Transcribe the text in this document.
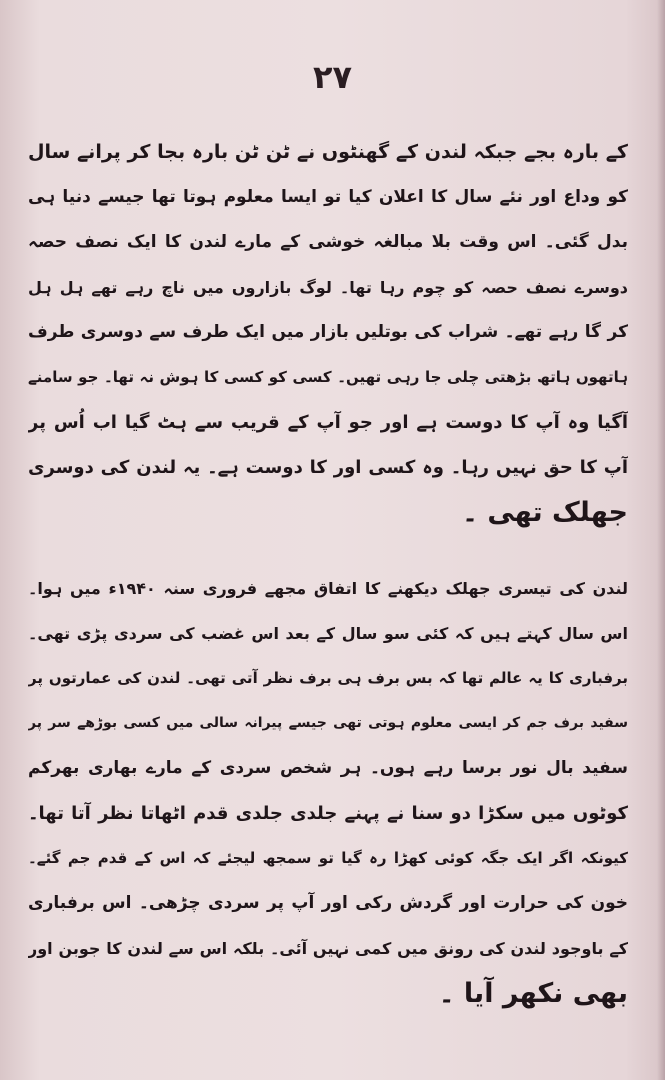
۲۷
کے بارہ بجے جبکہ لندن کے گھنٹوں نے ٹن ٹن بارہ بجا کر پرانے سال
کو وداع اور نئے سال کا اعلان کیا تو ایسا معلوم ہوتا تھا جیسے دنیا ہی
بدل گئی۔ اس وقت بلا مبالغہ خوشی کے مارے لندن کا ایک نصف حصہ
دوسرے نصف حصہ کو چوم رہا تھا۔ لوگ بازاروں میں ناچ رہے تھے ہل ہل
کر گا رہے تھے۔ شراب کی بوتلیں بازار میں ایک طرف سے دوسری طرف
ہاتھوں ہاتھ بڑھتی چلی جا رہی تھیں۔ کسی کو کسی کا ہوش نہ تھا۔ جو سامنے
آگیا وہ آپ کا دوست ہے اور جو آپ کے قریب سے ہٹ گیا اب اُس پر
آپ کا حق نہیں رہا۔ وہ کسی اور کا دوست ہے۔ یہ لندن کی دوسری
جھلک تھی ۔
لندن کی تیسری جھلک دیکھنے کا اتفاق مجھے فروری سنہ ۱۹۴۰ء میں ہوا۔
اس سال کہتے ہیں کہ کئی سو سال کے بعد اس غضب کی سردی پڑی تھی۔
برفباری کا یہ عالم تھا کہ بس برف ہی برف نظر آتی تھی۔ لندن کی عمارتوں پر
سفید برف جم کر ایسی معلوم ہوتی تھی جیسے پیرانہ سالی میں کسی بوڑھے سر پر
سفید بال نور برسا رہے ہوں۔ ہر شخص سردی کے مارے بھاری بھرکم
کوٹوں میں سکڑا دو سنا نے پہنے جلدی جلدی قدم اٹھاتا نظر آتا تھا۔
کیونکہ اگر ایک جگہ کوئی کھڑا رہ گیا تو سمجھ لیجئے کہ اس کے قدم جم گئے۔
خون کی حرارت اور گردش رکی اور آپ پر سردی چڑھی۔ اس برفباری
کے باوجود لندن کی رونق میں کمی نہیں آئی۔ بلکہ اس سے لندن کا جوبن اور
بھی نکھر آیا ۔
